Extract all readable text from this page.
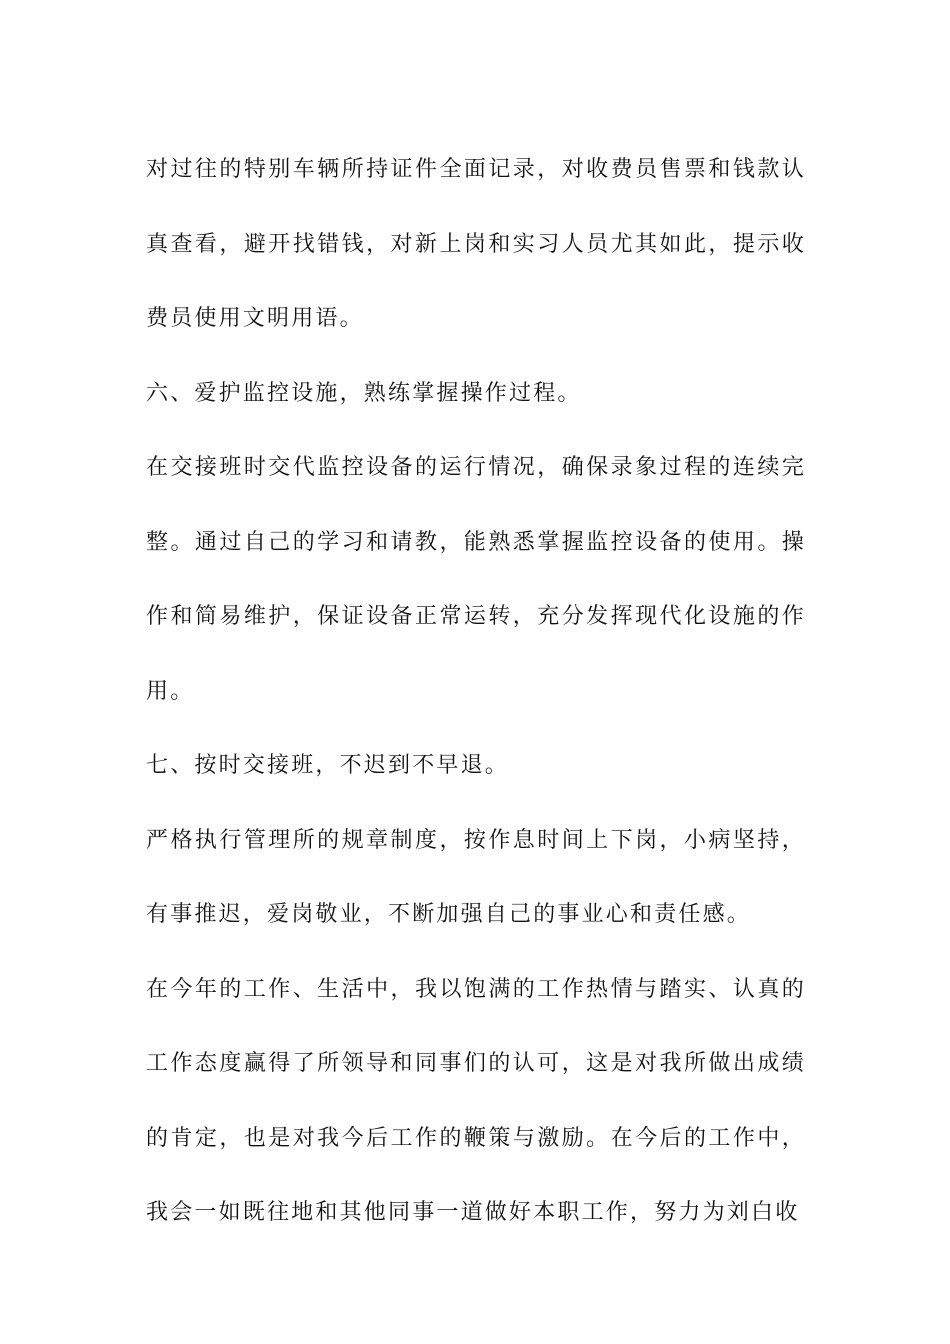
对过往的特别车辆所持证件全面记录，对收费员售票和钱款认真查看，避开找错钱，对新上岗和实习人员尤其如此，提示收费员使用文明用语。

六、爱护监控设施，熟练掌握操作过程。

在交接班时交代监控设备的运行情况，确保录象过程的连续完整。通过自己的学习和请教，能熟悉掌握监控设备的使用。操作和简易维护，保证设备正常运转，充分发挥现代化设施的作用。

七、按时交接班，不迟到不早退。

严格执行管理所的规章制度，按作息时间上下岗，小病坚持，有事推迟，爱岗敬业，不断加强自己的事业心和责任感。

在今年的工作、生活中，我以饱满的工作热情与踏实、认真的工作态度赢得了所领导和同事们的认可，这是对我所做出成绩的肯定，也是对我今后工作的鞭策与激励。在今后的工作中，我会一如既往地和其他同事一道做好本职工作，努力为刘白收
